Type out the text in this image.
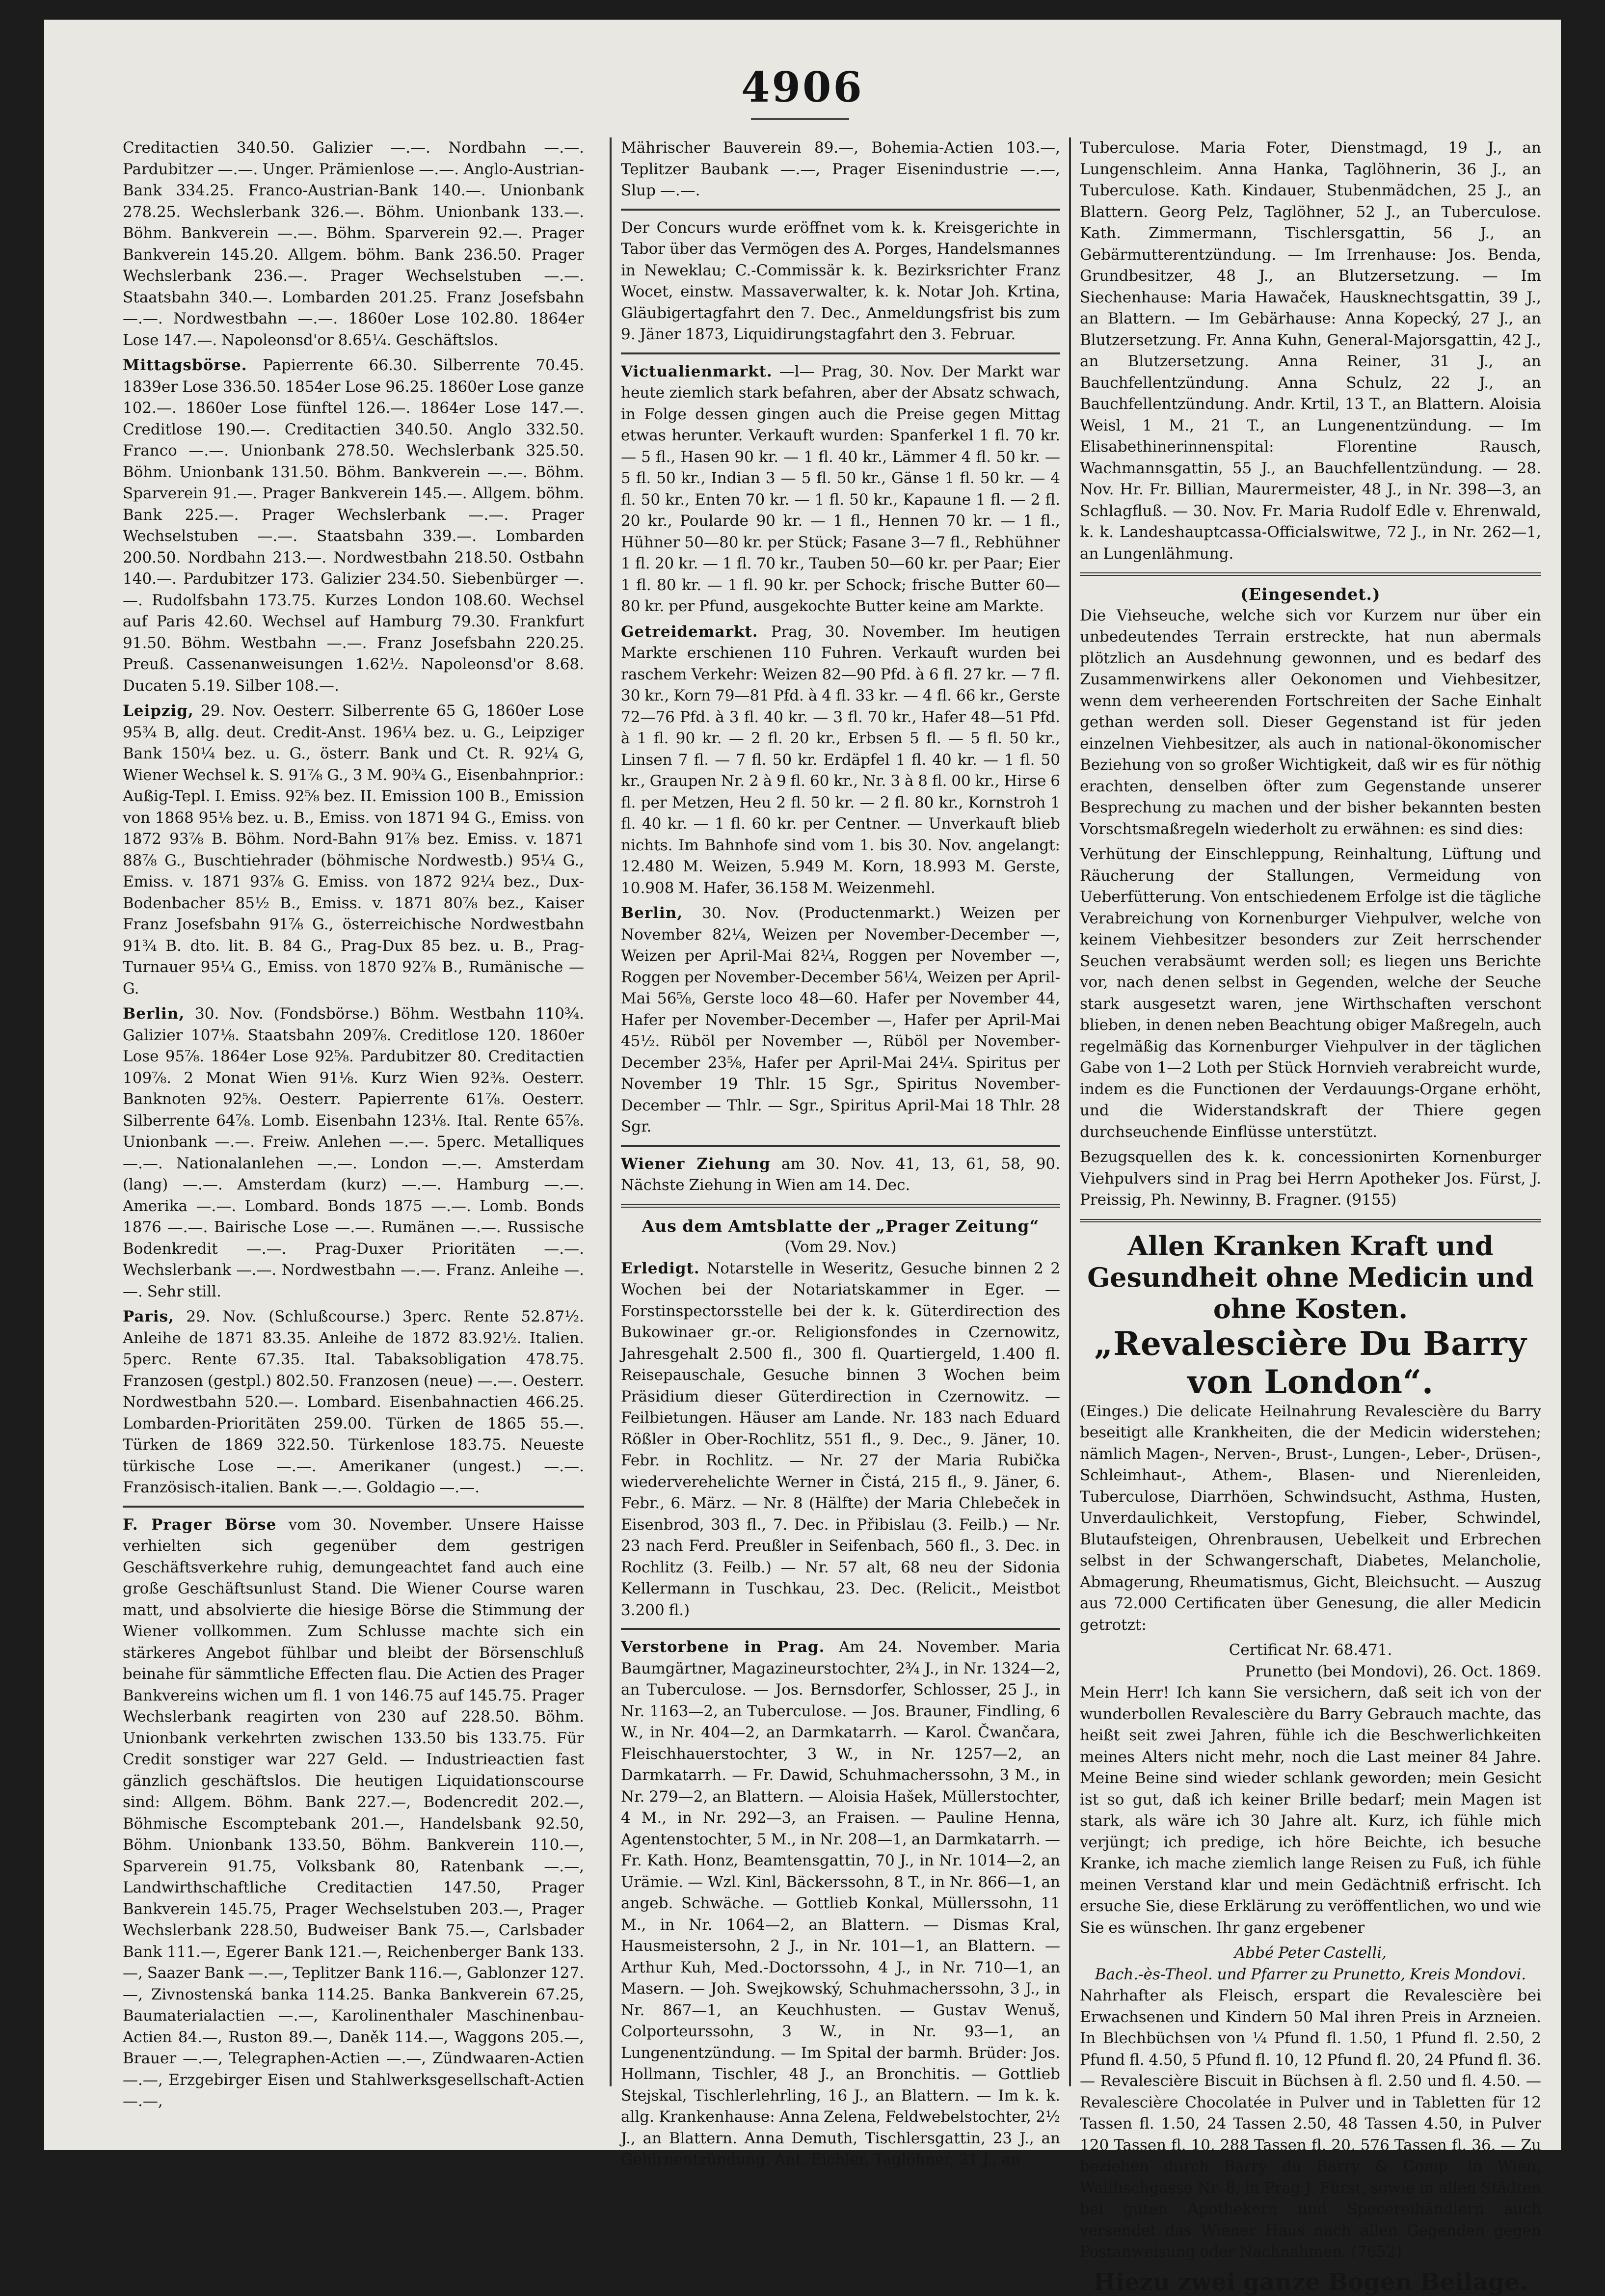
4906

Creditactien 340.50. Galizier —.—. Nordbahn —.—. Pardubitzer —.—. Unger. Prämienlose —.—. Anglo-Austrian-Bank 334.25. Franco-Austrian-Bank 140.—. Unionbank 278.25. Wechslerbank 326.—. Böhm. Unionbank 133.—. Böhm. Bankverein —.—. Böhm. Sparverein 92.—. Prager Bankverein 145.20. Allgem. böhm. Bank 236.50. Prager Wechslerbank 236.—. Prager Wechselstuben —.—. Staatsbahn 340.—. Lombarden 201.25. Franz Josefsbahn —.—. Nordwestbahn —.—. 1860er Lose 102.80. 1864er Lose 147.—. Napoleonsd'or 8.65¼. Geschäftslos.

Mittagsbörse. Papierrente 66.30. Silberrente 70.45. 1839er Lose 336.50. 1854er Lose 96.25. 1860er Lose ganze 102.—. 1860er Lose fünftel 126.—. 1864er Lose 147.—. Creditlose 190.—. Creditactien 340.50. Anglo 332.50. Franco —.—. Unionbank 278.50. Wechslerbank 325.50. Böhm. Unionbank 131.50. Böhm. Bankverein —.—. Böhm. Sparverein 91.—. Prager Bankverein 145.—. Allgem. böhm. Bank 225.—. Prager Wechslerbank —.—. Prager Wechselstuben —.—. Staatsbahn 339.—. Lombarden 200.50. Nordbahn 213.—. Nordwestbahn 218.50. Ostbahn 140.—. Pardubitzer 173. Galizier 234.50. Siebenbürger —.—. Rudolfsbahn 173.75. Kurzes London 108.60. Wechsel auf Paris 42.60. Wechsel auf Hamburg 79.30. Frankfurt 91.50. Böhm. Westbahn —.—. Franz Josefsbahn 220.25. Preuß. Cassenanweisungen 1.62½. Napoleonsd'or 8.68. Ducaten 5.19. Silber 108.—.

Leipzig, 29. Nov. Oesterr. Silberrente 65 G, 1860er Lose 95¾ B, allg. deut. Credit-Anst. 196¼ bez. u. G., Leipziger Bank 150¼ bez. u. G., österr. Bank und Ct. R. 92¼ G, Wiener Wechsel k. S. 91⅞ G., 3 M. 90¾ G., Eisenbahnprior.: Außig-Tepl. I. Emiss. 92⅝ bez. II. Emission 100 B., Emission von 1868 95⅛ bez. u. B., Emiss. von 1871 94 G., Emiss. von 1872 93⅞ B. Böhm. Nord-Bahn 91⅞ bez. Emiss. v. 1871 88⅞ G., Buschtiehrader (böhmische Nordwestb.) 95¼ G., Emiss. v. 1871 93⅞ G. Emiss. von 1872 92¼ bez., Dux-Bodenbacher 85½ B., Emiss. v. 1871 80⅞ bez., Kaiser Franz Josefsbahn 91⅞ G., österreichische Nordwestbahn 91¾ B. dto. lit. B. 84 G., Prag-Dux 85 bez. u. B., Prag-Turnauer 95¼ G., Emiss. von 1870 92⅞ B., Rumänische — G.

Berlin, 30. Nov. (Fondsbörse.) Böhm. Westbahn 110¾. Galizier 107⅛. Staatsbahn 209⅞. Creditlose 120. 1860er Lose 95⅞. 1864er Lose 92⅝. Pardubitzer 80. Creditactien 109⅞. 2 Monat Wien 91⅛. Kurz Wien 92⅜. Oesterr. Banknoten 92⅝. Oesterr. Papierrente 61⅞. Oesterr. Silberrente 64⅞. Lomb. Eisenbahn 123⅛. Ital. Rente 65⅞. Unionbank —.—. Freiw. Anlehen —.—. 5perc. Metalliques —.—. Nationalanlehen —.—. London —.—. Amsterdam (lang) —.—. Amsterdam (kurz) —.—. Hamburg —.—. Amerika —.—. Lombard. Bonds 1875 —.—. Lomb. Bonds 1876 —.—. Bairische Lose —.—. Rumänen —.—. Russische Bodenkredit —.—. Prag-Duxer Prioritäten —.—. Wechslerbank —.—. Nordwestbahn —.—. Franz. Anleihe —.—. Sehr still.

Paris, 29. Nov. (Schlußcourse.) 3perc. Rente 52.87½. Anleihe de 1871 83.35. Anleihe de 1872 83.92½. Italien. 5perc. Rente 67.35. Ital. Tabaksobligation 478.75. Franzosen (gestpl.) 802.50. Franzosen (neue) —.—. Oesterr. Nordwestbahn 520.—. Lombard. Eisenbahnactien 466.25. Lombarden-Prioritäten 259.00. Türken de 1865 55.—. Türken de 1869 322.50. Türkenlose 183.75. Neueste türkische Lose —.—. Amerikaner (ungest.) —.—. Französisch-italien. Bank —.—. Goldagio —.—.

F. Prager Börse vom 30. November. Unsere Haisse verhielten sich gegenüber dem gestrigen Geschäftsverkehre ruhig, demungeachtet fand auch eine große Geschäftsunlust Stand. Die Wiener Course waren matt, und absolvierte die hiesige Börse die Stimmung der Wiener vollkommen. Zum Schlusse machte sich ein stärkeres Angebot fühlbar und bleibt der Börsenschluß beinahe für sämmtliche Effecten flau. Die Actien des Prager Bankvereins wichen um fl. 1 von 146.75 auf 145.75. Prager Wechslerbank reagirten von 230 auf 228.50. Böhm. Unionbank verkehrten zwischen 133.50 bis 133.75. Für Credit sonstiger war 227 Geld. — Industrieactien fast gänzlich geschäftslos. Die heutigen Liquidationscourse sind: Allgem. Böhm. Bank 227.—, Bodencredit 202.—, Böhmische Escomptebank 201.—, Handelsbank 92.50, Böhm. Unionbank 133.50, Böhm. Bankverein 110.—, Sparverein 91.75, Volksbank 80, Ratenbank —.—, Landwirthschaftliche Creditactien 147.50, Prager Bankverein 145.75, Prager Wechselstuben 203.—, Prager Wechslerbank 228.50, Budweiser Bank 75.—, Carlsbader Bank 111.—, Egerer Bank 121.—, Reichenberger Bank 133.—, Saazer Bank —.—, Teplitzer Bank 116.—, Gablonzer 127.—, Zivnostenská banka 114.25. Banka Bankverein 67.25, Baumaterialactien —.—, Karolinenthaler Maschinenbau-Actien 84.—, Ruston 89.—, Daněk 114.—, Waggons 205.—, Brauer —.—, Telegraphen-Actien —.—, Zündwaaren-Actien —.—, Erzgebirger Eisen und Stahlwerksgesellschaft-Actien —.—,

Mährischer Bauverein 89.—, Bohemia-Actien 103.—, Teplitzer Baubank —.—, Prager Eisenindustrie —.—, Slup —.—.

Der Concurs wurde eröffnet vom k. k. Kreisgerichte in Tabor über das Vermögen des A. Porges, Handelsmannes in Neweklau; C.-Commissär k. k. Bezirksrichter Franz Wocet, einstw. Massaverwalter, k. k. Notar Joh. Krtina, Gläubigertagfahrt den 7. Dec., Anmeldungsfrist bis zum 9. Jäner 1873, Liquidirungstagfahrt den 3. Februar.

Victualienmarkt. —l— Prag, 30. Nov. Der Markt war heute ziemlich stark befahren, aber der Absatz schwach, in Folge dessen gingen auch die Preise gegen Mittag etwas herunter. Verkauft wurden: Spanferkel 1 fl. 70 kr. — 5 fl., Hasen 90 kr. — 1 fl. 40 kr., Lämmer 4 fl. 50 kr. — 5 fl. 50 kr., Indian 3 — 5 fl. 50 kr., Gänse 1 fl. 50 kr. — 4 fl. 50 kr., Enten 70 kr. — 1 fl. 50 kr., Kapaune 1 fl. — 2 fl. 20 kr., Poularde 90 kr. — 1 fl., Hennen 70 kr. — 1 fl., Hühner 50—80 kr. per Stück; Fasane 3—7 fl., Rebhühner 1 fl. 20 kr. — 1 fl. 70 kr., Tauben 50—60 kr. per Paar; Eier 1 fl. 80 kr. — 1 fl. 90 kr. per Schock; frische Butter 60—80 kr. per Pfund, ausgekochte Butter keine am Markte.

Getreidemarkt. Prag, 30. November. Im heutigen Markte erschienen 110 Fuhren. Verkauft wurden bei raschem Verkehr: Weizen 82—90 Pfd. à 6 fl. 27 kr. — 7 fl. 30 kr., Korn 79—81 Pfd. à 4 fl. 33 kr. — 4 fl. 66 kr., Gerste 72—76 Pfd. à 3 fl. 40 kr. — 3 fl. 70 kr., Hafer 48—51 Pfd. à 1 fl. 90 kr. — 2 fl. 20 kr., Erbsen 5 fl. — 5 fl. 50 kr., Linsen 7 fl. — 7 fl. 50 kr. Erdäpfel 1 fl. 40 kr. — 1 fl. 50 kr., Graupen Nr. 2 à 9 fl. 60 kr., Nr. 3 à 8 fl. 00 kr., Hirse 6 fl. per Metzen, Heu 2 fl. 50 kr. — 2 fl. 80 kr., Kornstroh 1 fl. 40 kr. — 1 fl. 60 kr. per Centner. — Unverkauft blieb nichts. Im Bahnhofe sind vom 1. bis 30. Nov. angelangt: 12.480 M. Weizen, 5.949 M. Korn, 18.993 M. Gerste, 10.908 M. Hafer, 36.158 M. Weizenmehl.

Berlin, 30. Nov. (Productenmarkt.) Weizen per November 82¼, Weizen per November-December —, Weizen per April-Mai 82¼, Roggen per November —, Roggen per November-December 56¼, Weizen per April-Mai 56⅝, Gerste loco 48—60. Hafer per November 44, Hafer per November-December —, Hafer per April-Mai 45½. Rüböl per November —, Rüböl per November-December 23⅝, Hafer per April-Mai 24¼. Spiritus per November 19 Thlr. 15 Sgr., Spiritus November-December — Thlr. — Sgr., Spiritus April-Mai 18 Thlr. 28 Sgr.

Wiener Ziehung am 30. Nov. 41, 13, 61, 58, 90. Nächste Ziehung in Wien am 14. Dec.

Aus dem Amtsblatte der „Prager Zeitung“
(Vom 29. Nov.)

Erledigt. Notarstelle in Weseritz, Gesuche binnen 2 2 Wochen bei der Notariatskammer in Eger. — Forstinspectorsstelle bei der k. k. Güterdirection des Bukowinaer gr.-or. Religionsfondes in Czernowitz, Jahresgehalt 2.500 fl., 300 fl. Quartiergeld, 1.400 fl. Reisepauschale, Gesuche binnen 3 Wochen beim Präsidium dieser Güterdirection in Czernowitz. — Feilbietungen. Häuser am Lande. Nr. 183 nach Eduard Rößler in Ober-Rochlitz, 551 fl., 9. Dec., 9. Jäner, 10. Febr. in Rochlitz. — Nr. 27 der Maria Rubička wiederverehelichte Werner in Čistá, 215 fl., 9. Jäner, 6. Febr., 6. März. — Nr. 8 (Hälfte) der Maria Chlebeček in Eisenbrod, 303 fl., 7. Dec. in Přibislau (3. Feilb.) — Nr. 23 nach Ferd. Preußler in Seifenbach, 560 fl., 3. Dec. in Rochlitz (3. Feilb.) — Nr. 57 alt, 68 neu der Sidonia Kellermann in Tuschkau, 23. Dec. (Relicit., Meistbot 3.200 fl.)

Verstorbene in Prag. Am 24. November. Maria Baumgärtner, Magazineurstochter, 2¾ J., in Nr. 1324—2, an Tuberculose. — Jos. Bernsdorfer, Schlosser, 25 J., in Nr. 1163—2, an Tuberculose. — Jos. Brauner, Findling, 6 W., in Nr. 404—2, an Darmkatarrh. — Karol. Čwančara, Fleischhauerstochter, 3 W., in Nr. 1257—2, an Darmkatarrh. — Fr. Dawid, Schuhmacherssohn, 3 M., in Nr. 279—2, an Blattern. — Aloisia Hašek, Müllerstochter, 4 M., in Nr. 292—3, an Fraisen. — Pauline Henna, Agentenstochter, 5 M., in Nr. 208—1, an Darmkatarrh. — Fr. Kath. Honz, Beamtensgattin, 70 J., in Nr. 1014—2, an Urämie. — Wzl. Kinl, Bäckerssohn, 8 T., in Nr. 866—1, an angeb. Schwäche. — Gottlieb Konkal, Müllerssohn, 11 M., in Nr. 1064—2, an Blattern. — Dismas Kral, Hausmeistersohn, 2 J., in Nr. 101—1, an Blattern. — Arthur Kuh, Med.-Doctorssohn, 4 J., in Nr. 710—1, an Masern. — Joh. Swejkowský, Schuhmacherssohn, 3 J., in Nr. 867—1, an Keuchhusten. — Gustav Wenuš, Colporteurssohn, 3 W., in Nr. 93—1, an Lungenentzündung. — Im Spital der barmh. Brüder: Jos. Hollmann, Tischler, 48 J., an Bronchitis. — Gottlieb Stejskal, Tischlerlehrling, 16 J., an Blattern. — Im k. k. allg. Krankenhause: Anna Zelena, Feldwebelstochter, 2½ J., an Blattern. Anna Demuth, Tischlersgattin, 23 J., an Gehirnentzündung. Ant. Eichler, Taglöhner, 21 J., an

Tuberculose. Maria Foter, Dienstmagd, 19 J., an Lungenschleim. Anna Hanka, Taglöhnerin, 36 J., an Tuberculose. Kath. Kindauer, Stubenmädchen, 25 J., an Blattern. Georg Pelz, Taglöhner, 52 J., an Tuberculose. Kath. Zimmermann, Tischlersgattin, 56 J., an Gebärmutterentzündung. — Im Irrenhause: Jos. Benda, Grundbesitzer, 48 J., an Blutzersetzung. — Im Siechenhause: Maria Hawaček, Hausknechtsgattin, 39 J., an Blattern. — Im Gebärhause: Anna Kopecký, 27 J., an Blutzersetzung. Fr. Anna Kuhn, General-Majorsgattin, 42 J., an Blutzersetzung. Anna Reiner, 31 J., an Bauchfellentzündung. Anna Schulz, 22 J., an Bauchfellentzündung. Andr. Krtil, 13 T., an Blattern. Aloisia Weisl, 1 M., 21 T., an Lungenentzündung. — Im Elisabethinerinnenspital: Florentine Rausch, Wachmannsgattin, 55 J., an Bauchfellentzündung. — 28. Nov. Hr. Fr. Billian, Maurermeister, 48 J., in Nr. 398—3, an Schlagfluß. — 30. Nov. Fr. Maria Rudolf Edle v. Ehrenwald, k. k. Landeshauptcassa-Officialswitwe, 72 J., in Nr. 262—1, an Lungenlähmung.

(Eingesendet.)

Die Viehseuche, welche sich vor Kurzem nur über ein unbedeutendes Terrain erstreckte, hat nun abermals plötzlich an Ausdehnung gewonnen, und es bedarf des Zusammenwirkens aller Oekonomen und Viehbesitzer, wenn dem verheerenden Fortschreiten der Sache Einhalt gethan werden soll. Dieser Gegenstand ist für jeden einzelnen Viehbesitzer, als auch in national-ökonomischer Beziehung von so großer Wichtigkeit, daß wir es für nöthig erachten, denselben öfter zum Gegenstande unserer Besprechung zu machen und der bisher bekannten besten Vorschtsmaßregeln wiederholt zu erwähnen: es sind dies:

Verhütung der Einschleppung, Reinhaltung, Lüftung und Räucherung der Stallungen, Vermeidung von Ueberfütterung. Von entschiedenem Erfolge ist die tägliche Verabreichung von Kornenburger Viehpulver, welche von keinem Viehbesitzer besonders zur Zeit herrschender Seuchen verabsäumt werden soll; es liegen uns Berichte vor, nach denen selbst in Gegenden, welche der Seuche stark ausgesetzt waren, jene Wirthschaften verschont blieben, in denen neben Beachtung obiger Maßregeln, auch regelmäßig das Kornenburger Viehpulver in der täglichen Gabe von 1—2 Loth per Stück Hornvieh verabreicht wurde, indem es die Functionen der Verdauungs-Organe erhöht, und die Widerstandskraft der Thiere gegen durchseuchende Einflüsse unterstützt.

Bezugsquellen des k. k. concessionirten Kornenburger Viehpulvers sind in Prag bei Herrn Apotheker Jos. Fürst, J. Preissig, Ph. Newinny, B. Fragner. (9155)

Allen Kranken Kraft und Gesundheit ohne Medicin und ohne Kosten.
„Revalescière Du Barry von London“.

(Einges.) Die delicate Heilnahrung Revalescière du Barry beseitigt alle Krankheiten, die der Medicin widerstehen; nämlich Magen-, Nerven-, Brust-, Lungen-, Leber-, Drüsen-, Schleimhaut-, Athem-, Blasen- und Nierenleiden, Tuberculose, Diarrhöen, Schwindsucht, Asthma, Husten, Unverdaulichkeit, Verstopfung, Fieber, Schwindel, Blutaufsteigen, Ohrenbrausen, Uebelkeit und Erbrechen selbst in der Schwangerschaft, Diabetes, Melancholie, Abmagerung, Rheumatismus, Gicht, Bleichsucht. — Auszug aus 72.000 Certificaten über Genesung, die aller Medicin getrotzt:

Certificat Nr. 68.471.
Prunetto (bei Mondovi), 26. Oct. 1869.

Mein Herr! Ich kann Sie versichern, daß seit ich von der wunderbollen Revalescière du Barry Gebrauch machte, das heißt seit zwei Jahren, fühle ich die Beschwerlichkeiten meines Alters nicht mehr, noch die Last meiner 84 Jahre. Meine Beine sind wieder schlank geworden; mein Gesicht ist so gut, daß ich keiner Brille bedarf; mein Magen ist stark, als wäre ich 30 Jahre alt. Kurz, ich fühle mich verjüngt; ich predige, ich höre Beichte, ich besuche Kranke, ich mache ziemlich lange Reisen zu Fuß, ich fühle meinen Verstand klar und mein Gedächtniß erfrischt. Ich ersuche Sie, diese Erklärung zu veröffentlichen, wo und wie Sie es wünschen. Ihr ganz ergebener

Abbé Peter Castelli,
Bach.-ès-Theol. und Pfarrer zu Prunetto, Kreis Mondovi.

Nahrhafter als Fleisch, erspart die Revalescière bei Erwachsenen und Kindern 50 Mal ihren Preis in Arzneien. In Blechbüchsen von ¼ Pfund fl. 1.50, 1 Pfund fl. 2.50, 2 Pfund fl. 4.50, 5 Pfund fl. 10, 12 Pfund fl. 20, 24 Pfund fl. 36. — Revalescière Biscuit in Büchsen à fl. 2.50 und fl. 4.50. — Revalescière Chocolatée in Pulver und in Tabletten für 12 Tassen fl. 1.50, 24 Tassen 2.50, 48 Tassen 4.50, in Pulver 120 Tassen fl. 10, 288 Tassen fl. 20, 576 Tassen fl. 36. — Zu beziehen durch Barry du Barry & Comp. in Wien, Wallfischgasse Nr. 8, in Prag J. Fürst, sowie in allen Städten bei guten Apothekern und Specereihändlern auch versendet das Wiener Haus nach allen Gegenden gegen Postanweisung oder Nachnahmen. (7652)

Hiezu zwei ganze Bogen Beilage.
